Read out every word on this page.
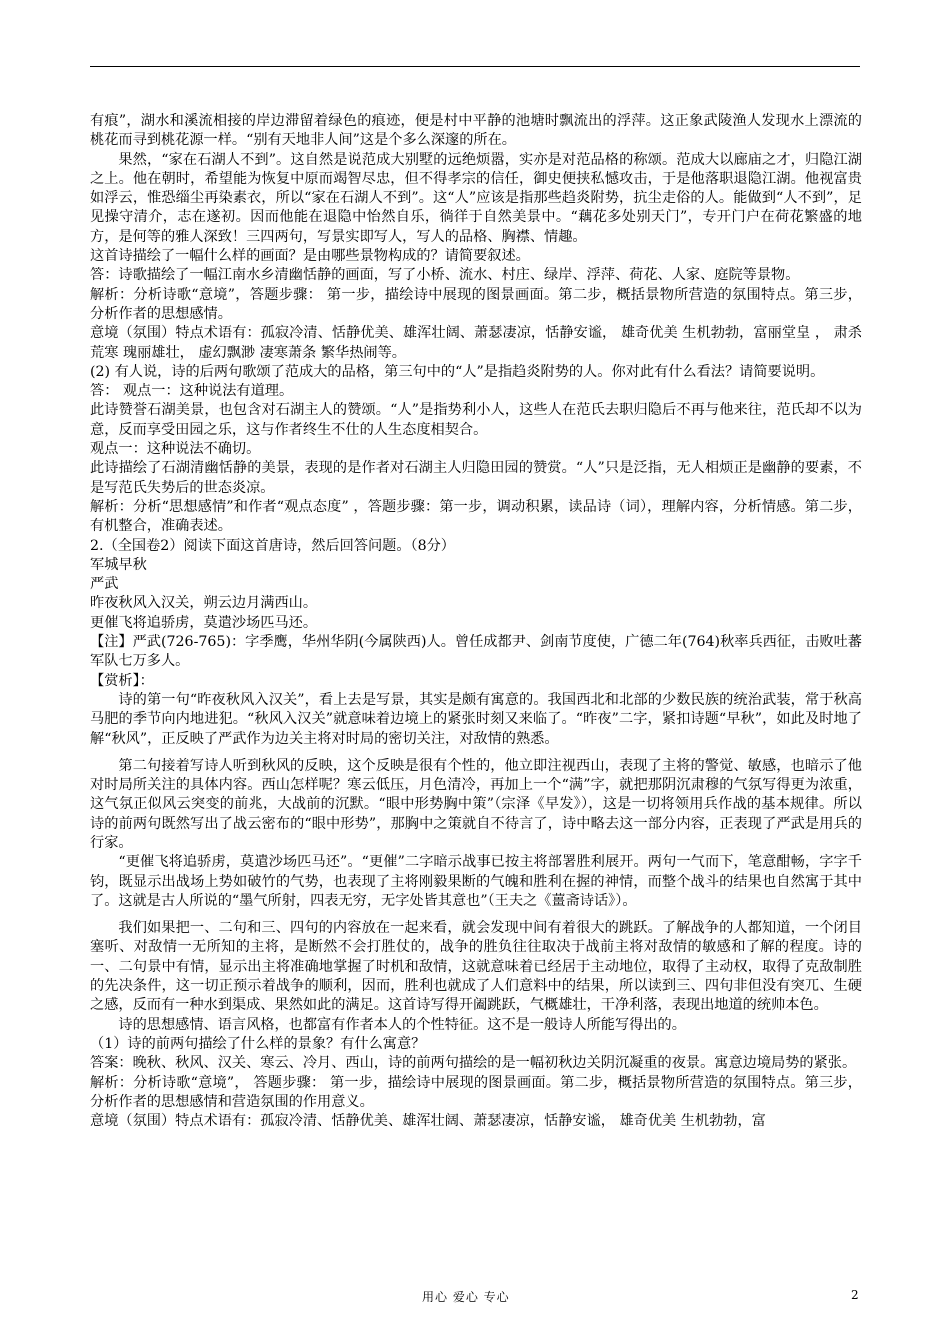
有痕”，湖水和溪流相接的岸边滞留着绿色的痕迹，便是村中平静的池塘时飘流出的浮萍。这正象武陵渔人发现水上漂流的桃花而寻到桃花源一样。“别有天地非人间”这是个多么深邃的所在。

果然，“家在石湖人不到”。这自然是说范成大别墅的远绝烦嚣，实亦是对范品格的称颂。范成大以廊庙之才，归隐江湖之上。他在朝时，希望能为恢复中原而竭智尽忠，但不得孝宗的信任，御史便挟私憾攻击，于是他落职退隐江湖。他视富贵如浮云，惟恐缁尘再染素衣，所以“家在石湖人不到”。这“人”应该是指那些趋炎附势，抗尘走俗的人。能做到“人不到”，足见操守清介，志在遂初。因而他能在退隐中怡然自乐，徜徉于自然美景中。“藕花多处别天门”，专开门户在荷花繁盛的地方，是何等的雅人深致！三四两句，写景实即写人，写人的品格、胸襟、情趣。

这首诗描绘了一幅什么样的画面？是由哪些景物构成的？请简要叙述。

答：诗歌描绘了一幅江南水乡清幽恬静的画面，写了小桥、流水、村庄、绿岸、浮萍、荷花、人家、庭院等景物。

解析：分析诗歌“意境”，答题步骤： 第一步，描绘诗中展现的图景画面。第二步，概括景物所营造的氛围特点。第三步， 分析作者的思想感情。

意境（氛围）特点术语有：孤寂冷清、恬静优美、雄浑壮阔、萧瑟凄凉，恬静安谧， 雄奇优美 生机勃勃，富丽堂皇 ， 肃杀荒寒 瑰丽雄壮， 虚幻飘渺 凄寒萧条 繁华热闹等。

(2) 有人说，诗的后两句歌颂了范成大的品格，第三句中的“人”是指趋炎附势的人。你对此有什么看法？请简要说明。

答： 观点一：这种说法有道理。

此诗赞誉石湖美景，也包含对石湖主人的赞颂。“人”是指势利小人，这些人在范氏去职归隐后不再与他来往，范氏却不以为意，反而享受田园之乐，这与作者终生不仕的人生态度相契合。

观点一：这种说法不确切。

此诗描绘了石湖清幽恬静的美景，表现的是作者对石湖主人归隐田园的赞赏。“人”只是泛指，无人相烦正是幽静的要素，不是写范氏失势后的世态炎凉。

解析：分析“思想感情”和作者“观点态度” ，答题步骤：第一步，调动积累，读品诗（词），理解内容，分析情感。第二步，有机整合，准确表述。

2.（全国卷2）阅读下面这首唐诗，然后回答问题。（8分）

军城早秋

严武

昨夜秋风入汉关，朔云边月满西山。

更催飞将追骄虏，莫遣沙场匹马还。

【注】严武(726-765)：字季鹰，华州华阴(今属陕西)人。曾任成都尹、剑南节度使，广德二年(764)秋率兵西征，击败吐蕃军队七万多人。

【赏析】：

诗的第一句“昨夜秋风入汉关”，看上去是写景，其实是颇有寓意的。我国西北和北部的少数民族的统治武装，常于秋高马肥的季节向内地进犯。“秋风入汉关”就意味着边境上的紧张时刻又来临了。“昨夜”二字，紧扣诗题“早秋”，如此及时地了解“秋风”，正反映了严武作为边关主将对时局的密切关注，对敌情的熟悉。

第二句接着写诗人听到秋风的反映，这个反映是很有个性的，他立即注视西山，表现了主将的警觉、敏感，也暗示了他对时局所关注的具体内容。西山怎样呢？寒云低压，月色清冷，再加上一个“满”字，就把那阴沉肃穆的气氛写得更为浓重，这气氛正似风云突变的前兆，大战前的沉默。“眼中形势胸中策”（宗泽《早发》），这是一切将领用兵作战的基本规律。所以诗的前两句既然写出了战云密布的“眼中形势”，那胸中之策就自不待言了，诗中略去这一部分内容，正表现了严武是用兵的行家。

“更催飞将追骄虏，莫遣沙场匹马还”。“更催”二字暗示战事已按主将部署胜利展开。两句一气而下，笔意酣畅，字字千钧，既显示出战场上势如破竹的气势，也表现了主将刚毅果断的气魄和胜利在握的神情，而整个战斗的结果也自然寓于其中了。这就是古人所说的“墨气所射，四表无穷，无字处皆其意也”（王夫之《薑斋诗话》）。

我们如果把一、二句和三、四句的内容放在一起来看，就会发现中间有着很大的跳跃。了解战争的人都知道，一个闭目塞听、对敌情一无所知的主将，是断然不会打胜仗的，战争的胜负往往取决于战前主将对敌情的敏感和了解的程度。诗的一、二句景中有情，显示出主将准确地掌握了时机和敌情，这就意味着已经居于主动地位，取得了主动权，取得了克敌制胜的先决条件，这一切正预示着战争的顺利，因而，胜利也就成了人们意料中的结果，所以读到三、四句非但没有突兀、生硬之感，反而有一种水到渠成、果然如此的满足。这首诗写得开阖跳跃，气概雄壮，干净利落，表现出地道的统帅本色。

诗的思想感情、语言风格，也都富有作者本人的个性特征。这不是一般诗人所能写得出的。

（1）诗的前两句描绘了什么样的景象？有什么寓意？

答案：晚秋、秋风、汉关、寒云、冷月、西山，诗的前两句描绘的是一幅初秋边关阴沉凝重的夜景。寓意边境局势的紧张。

解析：分析诗歌“意境”， 答题步骤： 第一步，描绘诗中展现的图景画面。第二步，概括景物所营造的氛围特点。第三步， 分析作者的思想感情和营造氛围的作用意义。

意境（氛围）特点术语有：孤寂冷清、恬静优美、雄浑壮阔、萧瑟凄凉，恬静安谧， 雄奇优美 生机勃勃，富

用心 爱心 专心	2
